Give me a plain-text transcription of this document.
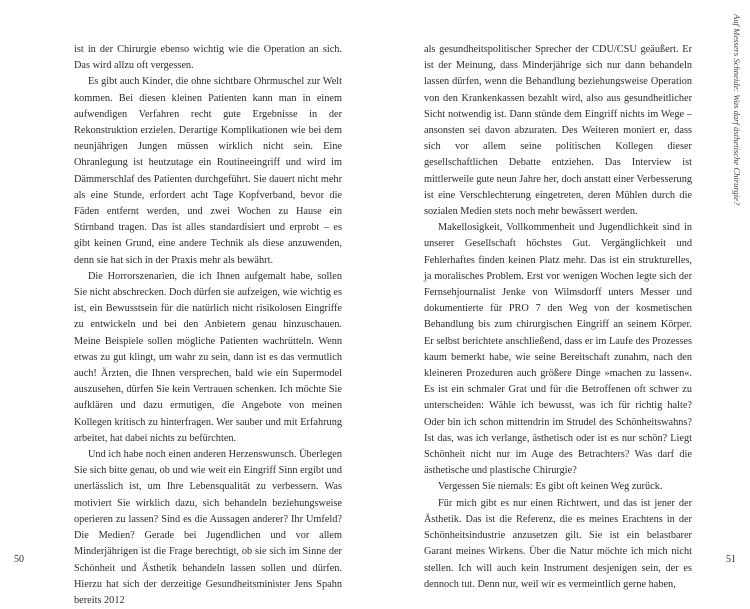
ist in der Chirurgie ebenso wichtig wie die Operation an sich. Das wird allzu oft vergessen.

Es gibt auch Kinder, die ohne sichtbare Ohrmuschel zur Welt kommen. Bei diesen kleinen Patienten kann man in einem aufwendigen Verfahren recht gute Ergebnisse in der Rekonstruktion erzielen. Derartige Komplikationen wie bei dem neunjährigen Jungen müssen wirklich nicht sein. Eine Ohranlegung ist heutzutage ein Routineeingriff und wird im Dämmerschlaf des Patienten durchgeführt. Sie dauert nicht mehr als eine Stunde, erfordert acht Tage Kopfverband, bevor die Fäden entfernt werden, und zwei Wochen zu Hause ein Stirnband tragen. Das ist alles standardisiert und erprobt – es gibt keinen Grund, eine andere Technik als diese anzuwenden, denn sie hat sich in der Praxis mehr als bewährt.

Die Horrorszenarien, die ich Ihnen aufgemalt habe, sollen Sie nicht abschrecken. Doch dürfen sie aufzeigen, wie wichtig es ist, ein Bewusstsein für die natürlich nicht risikolosen Eingriffe zu entwickeln und bei den Anbietern genau hinzuschauen. Meine Beispiele sollen mögliche Patienten wachrütteln. Wenn etwas zu gut klingt, um wahr zu sein, dann ist es das vermutlich auch! Ärzten, die Ihnen versprechen, bald wie ein Supermodel auszusehen, dürfen Sie kein Vertrauen schenken. Ich möchte Sie aufklären und dazu ermutigen, die Angebote von meinen Kollegen kritisch zu hinterfragen. Wer sauber und mit Erfahrung arbeitet, hat dabei nichts zu befürchten.

Und ich habe noch einen anderen Herzenswunsch. Überlegen Sie sich bitte genau, ob und wie weit ein Eingriff Sinn ergibt und unerlässlich ist, um Ihre Lebensqualität zu verbessern. Was motiviert Sie wirklich dazu, sich behandeln beziehungsweise operieren zu lassen? Sind es die Aussagen anderer? Ihr Umfeld? Die Medien? Gerade bei Jugendlichen und vor allem Minderjährigen ist die Frage berechtigt, ob sie sich im Sinne der Schönheit und Ästhetik behandeln lassen sollen und dürfen. Hierzu hat sich der derzeitige Gesundheitsminister Jens Spahn bereits 2012

50

als gesundheitspolitischer Sprecher der CDU/CSU geäußert. Er ist der Meinung, dass Minderjährige sich nur dann behandeln lassen dürfen, wenn die Behandlung beziehungsweise Operation von den Krankenkassen bezahlt wird, also aus gesundheitlicher Sicht notwendig ist. Dann stünde dem Eingriff nichts im Wege – ansonsten sei davon abzuraten. Des Weiteren moniert er, dass sich vor allem seine politischen Kollegen dieser gesellschaftlichen Debatte entziehen. Das Interview ist mittlerweile gute neun Jahre her, doch anstatt einer Verbesserung ist eine Verschlechterung eingetreten, deren Mühlen durch die sozialen Medien stets noch mehr bewässert werden.

Makellosigkeit, Vollkommenheit und Jugendlichkeit sind in unserer Gesellschaft höchstes Gut. Vergänglichkeit und Fehlerhaftes finden keinen Platz mehr. Das ist ein strukturelles, ja moralisches Problem. Erst vor wenigen Wochen legte sich der Fernsehjournalist Jenke von Wilmsdorff unters Messer und dokumentierte für PRO 7 den Weg von der kosmetischen Behandlung bis zum chirurgischen Eingriff an seinem Körper. Er selbst berichtete anschließend, dass er im Laufe des Prozesses kaum bemerkt habe, wie seine Bereitschaft zunahm, nach den kleineren Prozeduren auch größere Dinge »machen zu lassen«. Es ist ein schmaler Grat und für die Betroffenen oft schwer zu unterscheiden: Wähle ich bewusst, was ich für richtig halte? Oder bin ich schon mittendrin im Strudel des Schönheitswahns? Ist das, was ich verlange, ästhetisch oder ist es nur schön? Liegt Schönheit nicht nur im Auge des Betrachters? Was darf die ästhetische und plastische Chirurgie?

Vergessen Sie niemals: Es gibt oft keinen Weg zurück.

Für mich gibt es nur einen Richtwert, und das ist jener der Ästhetik. Das ist die Referenz, die es meines Erachtens in der Schönheitsindustrie anzusetzen gilt. Sie ist ein belastbarer Garant meines Wirkens. Über die Natur möchte ich mich nicht stellen. Ich will auch kein Instrument desjenigen sein, der es dennoch tut. Denn nur, weil wir es vermeintlich gerne haben,

51
Auf Messers Schneide: Was darf ästhetische Chirurgie?
